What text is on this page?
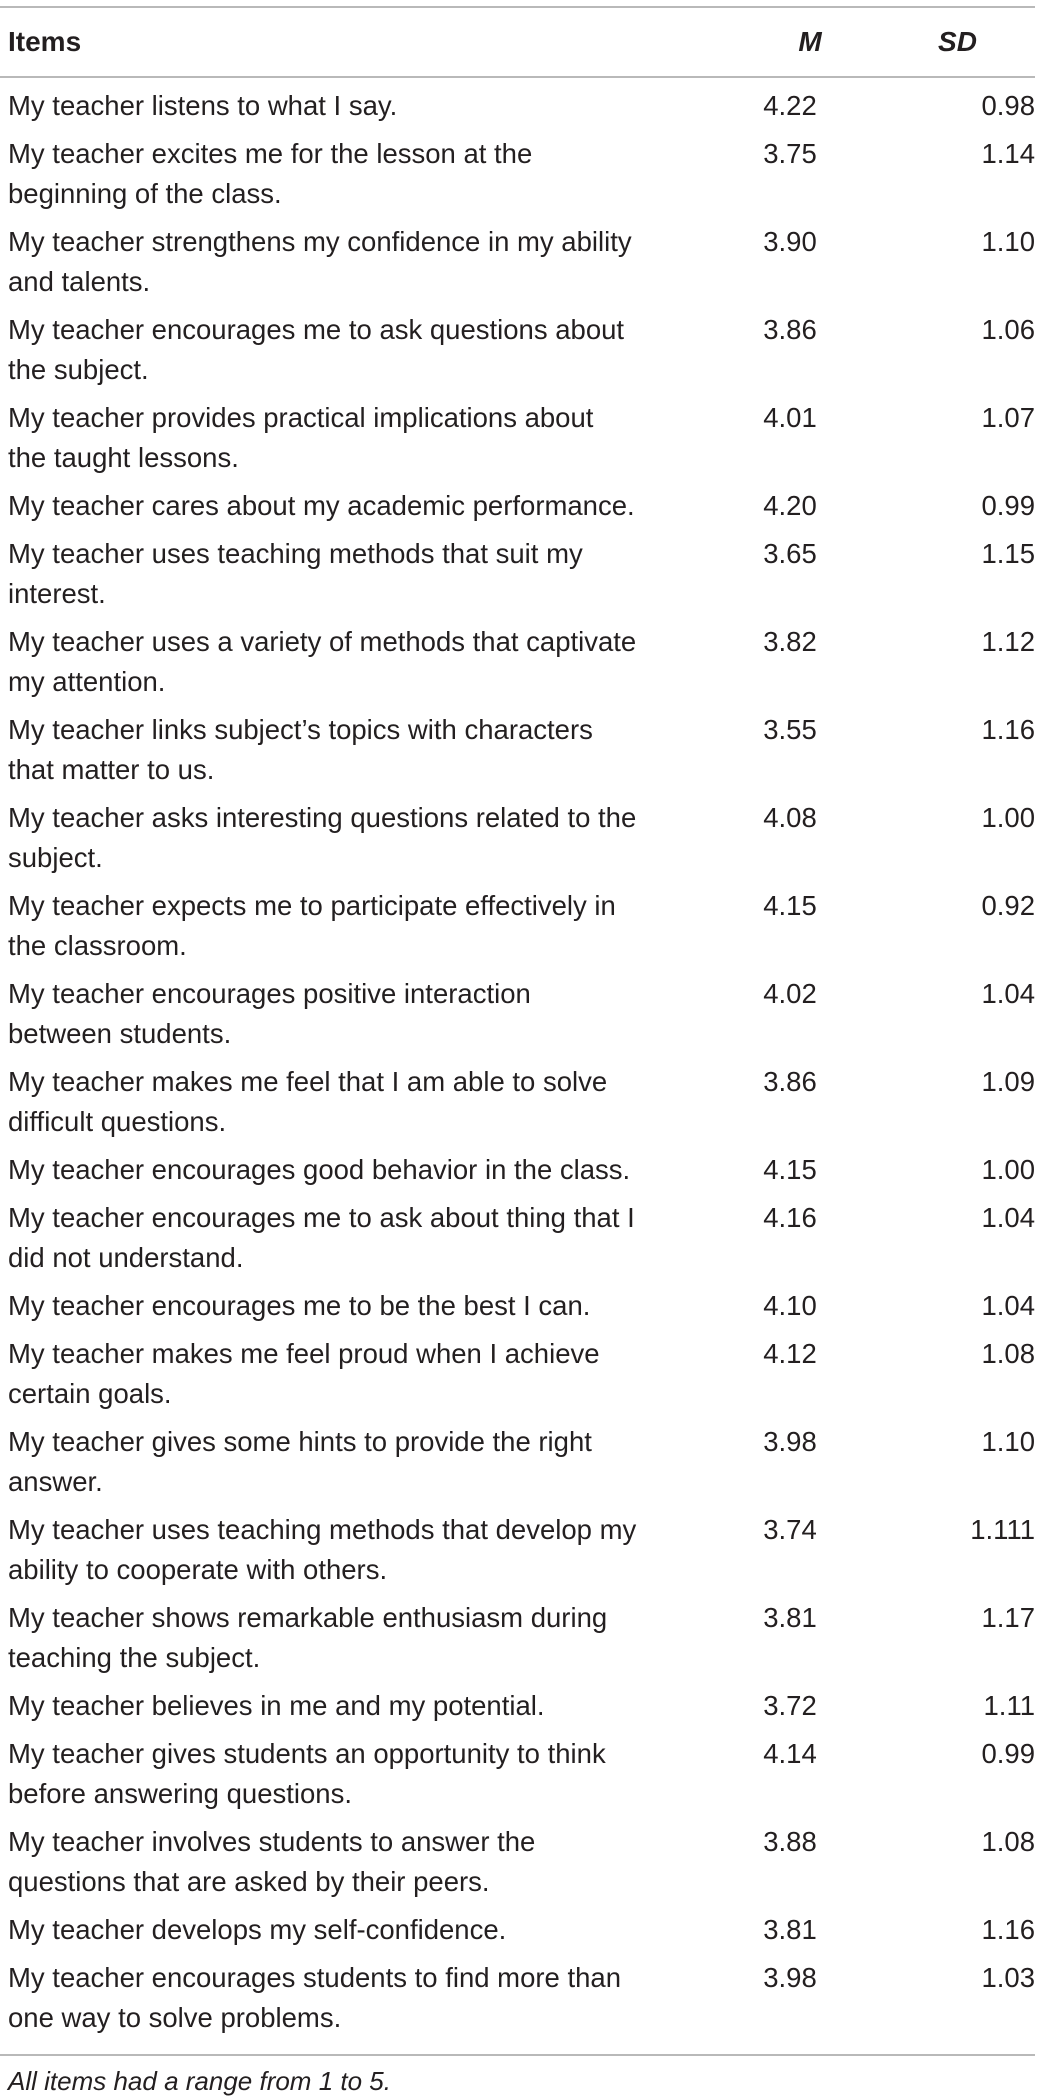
Items	M	SD
My teacher listens to what I say.	4.22	0.98
My teacher excites me for the lesson at the
beginning of the class.
3.75	1.14
My teacher strengthens my confidence in my ability
and talents.
3.90	1.10
My teacher encourages me to ask questions about
the subject.
3.86	1.06
My teacher provides practical implications about
the taught lessons.
4.01	1.07
My teacher cares about my academic performance.	4.20	0.99
My teacher uses teaching methods that suit my
interest.
3.65	1.15
My teacher uses a variety of methods that captivate
my attention.
3.82	1.12
My teacher links subject’s topics with characters
that matter to us.
3.55	1.16
My teacher asks interesting questions related to the
subject.
4.08	1.00
My teacher expects me to participate effectively in
the classroom.
4.15	0.92
My teacher encourages positive interaction
between students.
4.02	1.04
My teacher makes me feel that I am able to solve
difficult questions.
3.86	1.09
My teacher encourages good behavior in the class.	4.15	1.00
My teacher encourages me to ask about thing that I
did not understand.
4.16	1.04
My teacher encourages me to be the best I can.	4.10	1.04
My teacher makes me feel proud when I achieve
certain goals.
4.12	1.08
My teacher gives some hints to provide the right
answer.
3.98	1.10
My teacher uses teaching methods that develop my
ability to cooperate with others.
3.74	1.111
My teacher shows remarkable enthusiasm during
teaching the subject.
3.81	1.17
My teacher believes in me and my potential.	3.72	1.11
My teacher gives students an opportunity to think
before answering questions.
4.14	0.99
My teacher involves students to answer the
questions that are asked by their peers.
3.88	1.08
My teacher develops my self-confidence.	3.81	1.16
My teacher encourages students to find more than
one way to solve problems.
3.98	1.03
All items had a range from 1 to 5.
